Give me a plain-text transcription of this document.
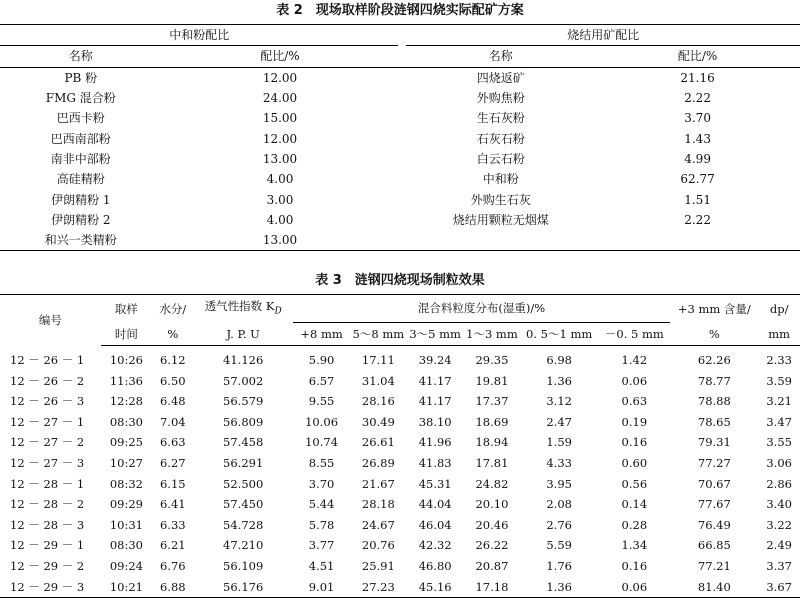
表 2　现场取样阶段涟钢四烧实际配矿方案
中和粉配比			烧结用矿配比	
名称	配比/%		名称	配比/%
PB 粉	12.00		四烧返矿	21.16
FMG 混合粉	24.00		外购焦粉	2.22
巴西卡粉	15.00		生石灰粉	3.70
巴西南部粉	12.00		石灰石粉	1.43
南非中部粉	13.00		白云石粉	4.99
高硅精粉	4.00		中和粉	62.77
伊朗精粉 1	3.00		外购生石灰	1.51
伊朗精粉 2	4.00		烧结用颗粒无烟煤	2.22
和兴一类精粉	13.00			
表 3　涟钢四烧现场制粒效果
编号	取样	水分/	透气性指数 $K_D$	混合料粒度分布(湿重)/%						+3 mm 含量/	dp/
	时间	%	J. P. U	+8 mm	5～8 mm	3～5 mm	1～3 mm	0. 5～1 mm	－0. 5 mm	%	mm
12 － 26 － 1	10:26	6.12	41.126	5.90	17.11	39.24	29.35	6.98	1.42	62.26	2.33
12 － 26 － 2	11:36	6.50	57.002	6.57	31.04	41.17	19.81	1.36	0.06	78.77	3.59
12 － 26 － 3	12:28	6.48	56.579	9.55	28.16	41.17	17.37	3.12	0.63	78.88	3.21
12 － 27 － 1	08:30	7.04	56.809	10.06	30.49	38.10	18.69	2.47	0.19	78.65	3.47
12 － 27 － 2	09:25	6.63	57.458	10.74	26.61	41.96	18.94	1.59	0.16	79.31	3.55
12 － 27 － 3	10:27	6.27	56.291	8.55	26.89	41.83	17.81	4.33	0.60	77.27	3.06
12 － 28 － 1	08:32	6.15	52.500	3.70	21.67	45.31	24.82	3.95	0.56	70.67	2.86
12 － 28 － 2	09:29	6.41	57.450	5.44	28.18	44.04	20.10	2.08	0.14	77.67	3.40
12 － 28 － 3	10:31	6.33	54.728	5.78	24.67	46.04	20.46	2.76	0.28	76.49	3.22
12 － 29 － 1	08:30	6.21	47.210	3.77	20.76	42.32	26.22	5.59	1.34	66.85	2.49
12 － 29 － 2	09:24	6.76	56.109	4.51	25.91	46.80	20.87	1.76	0.16	77.21	3.37
12 － 29 － 3	10:21	6.88	56.176	9.01	27.23	45.16	17.18	1.36	0.06	81.40	3.67
